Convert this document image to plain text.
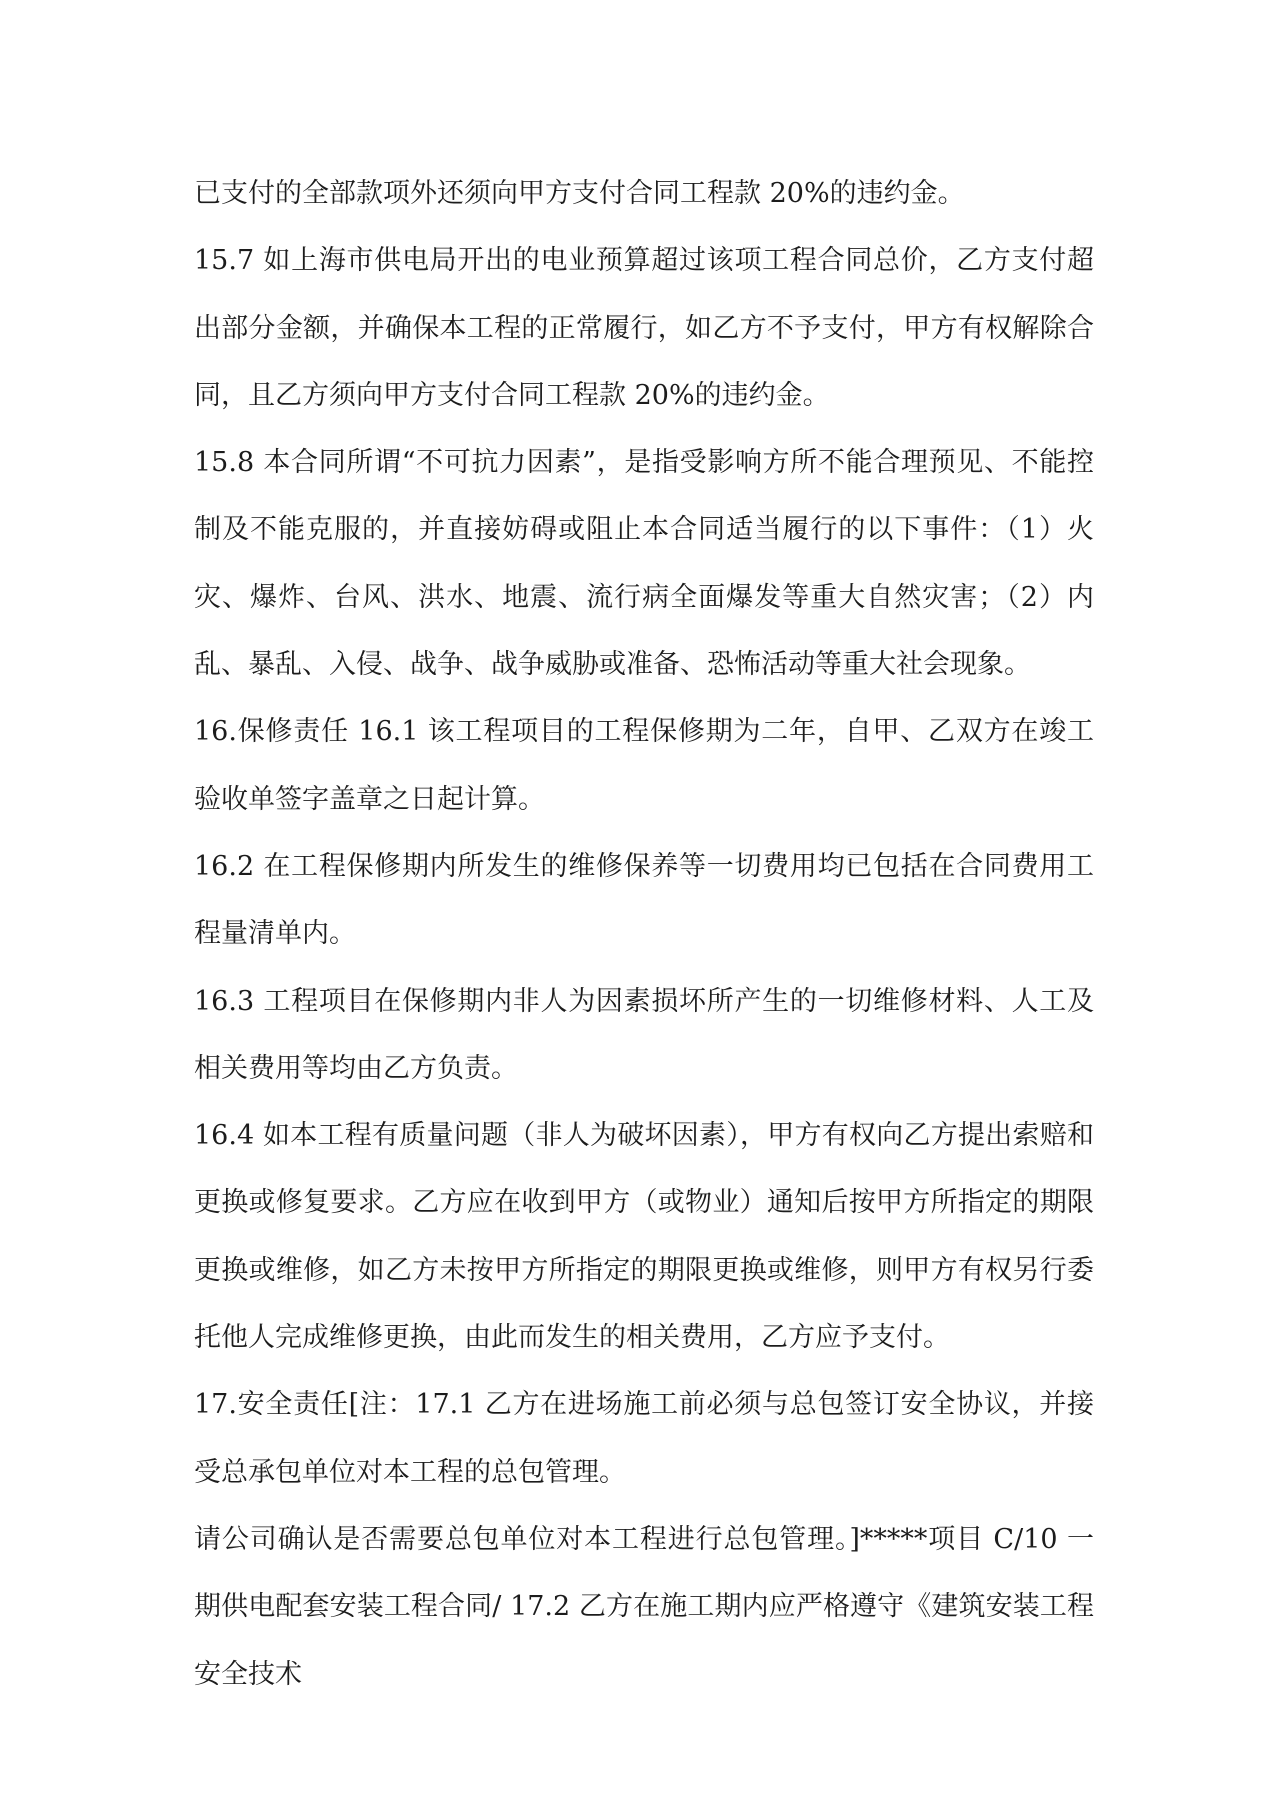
已支付的全部款项外还须向甲方支付合同工程款 20%的违约金。

15.7 如上海市供电局开出的电业预算超过该项工程合同总价，乙方支付超出部分金额，并确保本工程的正常履行，如乙方不予支付，甲方有权解除合同，且乙方须向甲方支付合同工程款 20%的违约金。

15.8 本合同所谓“不可抗力因素”，是指受影响方所不能合理预见、不能控制及不能克服的，并直接妨碍或阻止本合同适当履行的以下事件：（1）火灾、爆炸、台风、洪水、地震、流行病全面爆发等重大自然灾害；（2）内乱、暴乱、入侵、战争、战争威胁或准备、恐怖活动等重大社会现象。

16.保修责任 16.1 该工程项目的工程保修期为二年，自甲、乙双方在竣工验收单签字盖章之日起计算。

16.2 在工程保修期内所发生的维修保养等一切费用均已包括在合同费用工程量清单内。

16.3 工程项目在保修期内非人为因素损坏所产生的一切维修材料、人工及相关费用等均由乙方负责。

16.4 如本工程有质量问题（非人为破坏因素），甲方有权向乙方提出索赔和更换或修复要求。乙方应在收到甲方（或物业）通知后按甲方所指定的期限更换或维修，如乙方未按甲方所指定的期限更换或维修，则甲方有权另行委托他人完成维修更换，由此而发生的相关费用，乙方应予支付。

17.安全责任[注：17.1 乙方在进场施工前必须与总包签订安全协议，并接受总承包单位对本工程的总包管理。

请公司确认是否需要总包单位对本工程进行总包管理。]*****项目 C/10 一期供电配套安装工程合同/ 17.2 乙方在施工期内应严格遵守《建筑安装工程安全技术
